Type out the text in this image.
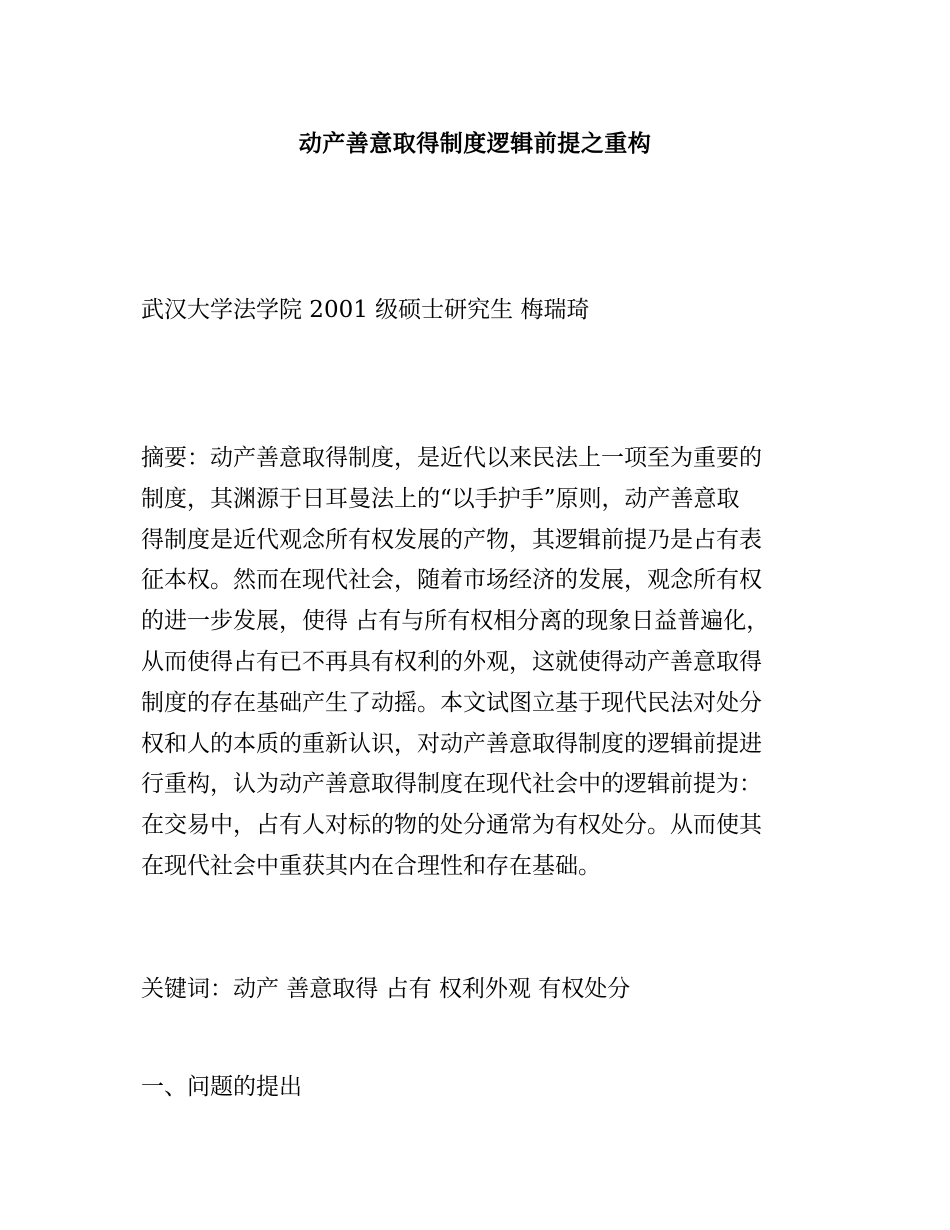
动产善意取得制度逻辑前提之重构
武汉大学法学院 2001 级硕士研究生 梅瑞琦
摘要：动产善意取得制度，是近代以来民法上一项至为重要的
制度，其渊源于日耳曼法上的“以手护手”原则，动产善意取
得制度是近代观念所有权发展的产物，其逻辑前提乃是占有表
征本权。然而在现代社会，随着市场经济的发展，观念所有权
的进一步发展，使得 占有与所有权相分离的现象日益普遍化，
从而使得占有已不再具有权利的外观，这就使得动产善意取得
制度的存在基础产生了动摇。本文试图立基于现代民法对处分
权和人的本质的重新认识，对动产善意取得制度的逻辑前提进
行重构，认为动产善意取得制度在现代社会中的逻辑前提为：
在交易中，占有人对标的物的处分通常为有权处分。从而使其
在现代社会中重获其内在合理性和存在基础。
关键词：动产 善意取得 占有 权利外观 有权处分
一、问题的提出
